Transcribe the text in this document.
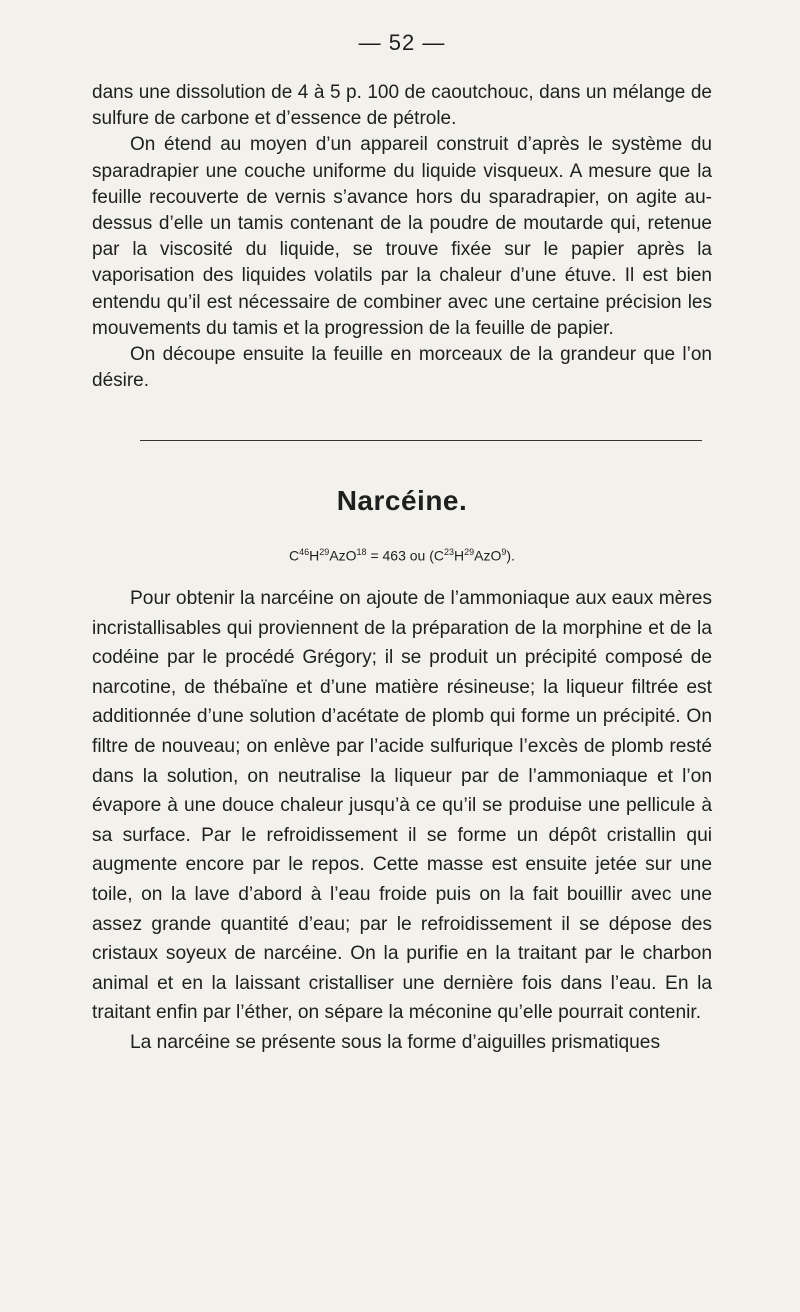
— 52 —

dans une dissolution de 4 à 5 p. 100 de caoutchouc, dans un mélange de sulfure de carbone et d’essence de pétrole.

On étend au moyen d’un appareil construit d’après le système du sparadrapier une couche uniforme du liquide visqueux. A mesure que la feuille recouverte de vernis s’avance hors du sparadrapier, on agite au-dessus d’elle un tamis contenant de la poudre de moutarde qui, retenue par la viscosité du liquide, se trouve fixée sur le papier après la vaporisation des liquides volatils par la chaleur d’une étuve. Il est bien entendu qu’il est nécessaire de combiner avec une certaine précision les mouvements du tamis et la progression de la feuille de papier.

On découpe ensuite la feuille en morceaux de la grandeur que l’on désire.

Narcéine.
$C^{46}H^{29}AzO^{18} = 463$ ou $(C^{23}H^{29}AzO^9)$.

Pour obtenir la narcéine on ajoute de l’ammoniaque aux eaux mères incristallisables qui proviennent de la préparation de la morphine et de la codéine par le procédé Grégory; il se produit un précipité composé de narcotine, de thébaïne et d’une matière résineuse; la liqueur filtrée est additionnée d’une solution d’acétate de plomb qui forme un précipité. On filtre de nouveau; on enlève par l’acide sulfurique l’excès de plomb resté dans la solution, on neutralise la liqueur par de l’ammoniaque et l’on évapore à une douce chaleur jusqu’à ce qu’il se produise une pellicule à sa surface. Par le refroidissement il se forme un dépôt cristallin qui augmente encore par le repos. Cette masse est ensuite jetée sur une toile, on la lave d’abord à l’eau froide puis on la fait bouillir avec une assez grande quantité d’eau; par le refroidissement il se dépose des cristaux soyeux de narcéine. On la purifie en la traitant par le charbon animal et en la laissant cristalliser une dernière fois dans l’eau. En la traitant enfin par l’éther, on sépare la méconine qu’elle pourrait contenir.

La narcéine se présente sous la forme d’aiguilles prismatiques
